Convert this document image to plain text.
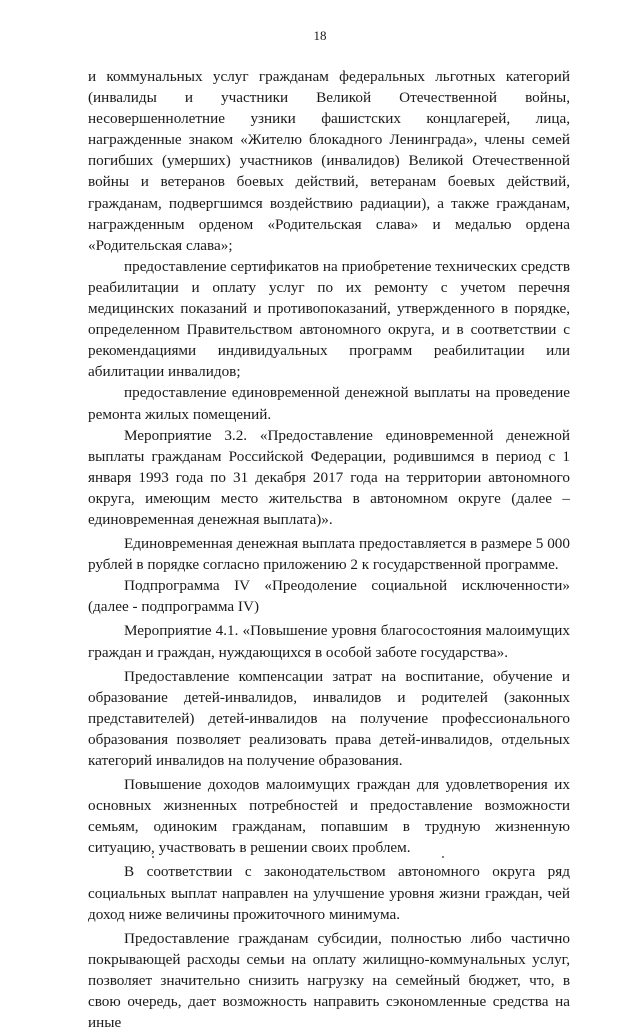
18

и коммунальных услуг гражданам федеральных льготных категорий (инвалиды и участники Великой Отечественной войны, несовершеннолетние узники фашистских концлагерей, лица, награжденные знаком «Жителю блокадного Ленинграда», члены семей погибших (умерших) участников (инвалидов) Великой Отечественной войны и ветеранов боевых действий, ветеранам боевых действий, гражданам, подвергшимся воздействию радиации), а также гражданам, награжденным орденом «Родительская слава» и медалью ордена «Родительская слава»;

предоставление сертификатов на приобретение технических средств реабилитации и оплату услуг по их ремонту с учетом перечня медицинских показаний и противопоказаний, утвержденного в порядке, определенном Правительством автономного округа, и в соответствии с рекомендациями индивидуальных программ реабилитации или абилитации инвалидов;

предоставление единовременной денежной выплаты на проведение ремонта жилых помещений.

Мероприятие 3.2. «Предоставление единовременной денежной выплаты гражданам Российской Федерации, родившимся в период с 1 января 1993 года по 31 декабря 2017 года на территории автономного округа, имеющим место жительства в автономном округе (далее – единовременная денежная выплата)».

Единовременная денежная выплата предоставляется в размере 5 000 рублей в порядке согласно приложению 2 к государственной программе.

Подпрограмма IV «Преодоление социальной исключенности» (далее - подпрограмма IV)

Мероприятие 4.1. «Повышение уровня благосостояния малоимущих граждан и граждан, нуждающихся в особой заботе государства».

Предоставление компенсации затрат на воспитание, обучение и образование детей-инвалидов, инвалидов и родителей (законных представителей) детей-инвалидов на получение профессионального образования позволяет реализовать права детей-инвалидов, отдельных категорий инвалидов на получение образования.

Повышение доходов малоимущих граждан для удовлетворения их основных жизненных потребностей и предоставление возможности семьям, одиноким гражданам, попавшим в трудную жизненную ситуацию, участвовать в решении своих проблем.

В соответствии с законодательством автономного округа ряд социальных выплат направлен на улучшение уровня жизни граждан, чей доход ниже величины прожиточного минимума.

Предоставление гражданам субсидии, полностью либо частично покрывающей расходы семьи на оплату жилищно-коммунальных услуг, позволяет значительно снизить нагрузку на семейный бюджет, что, в свою очередь, дает возможность направить сэкономленные средства на иные
